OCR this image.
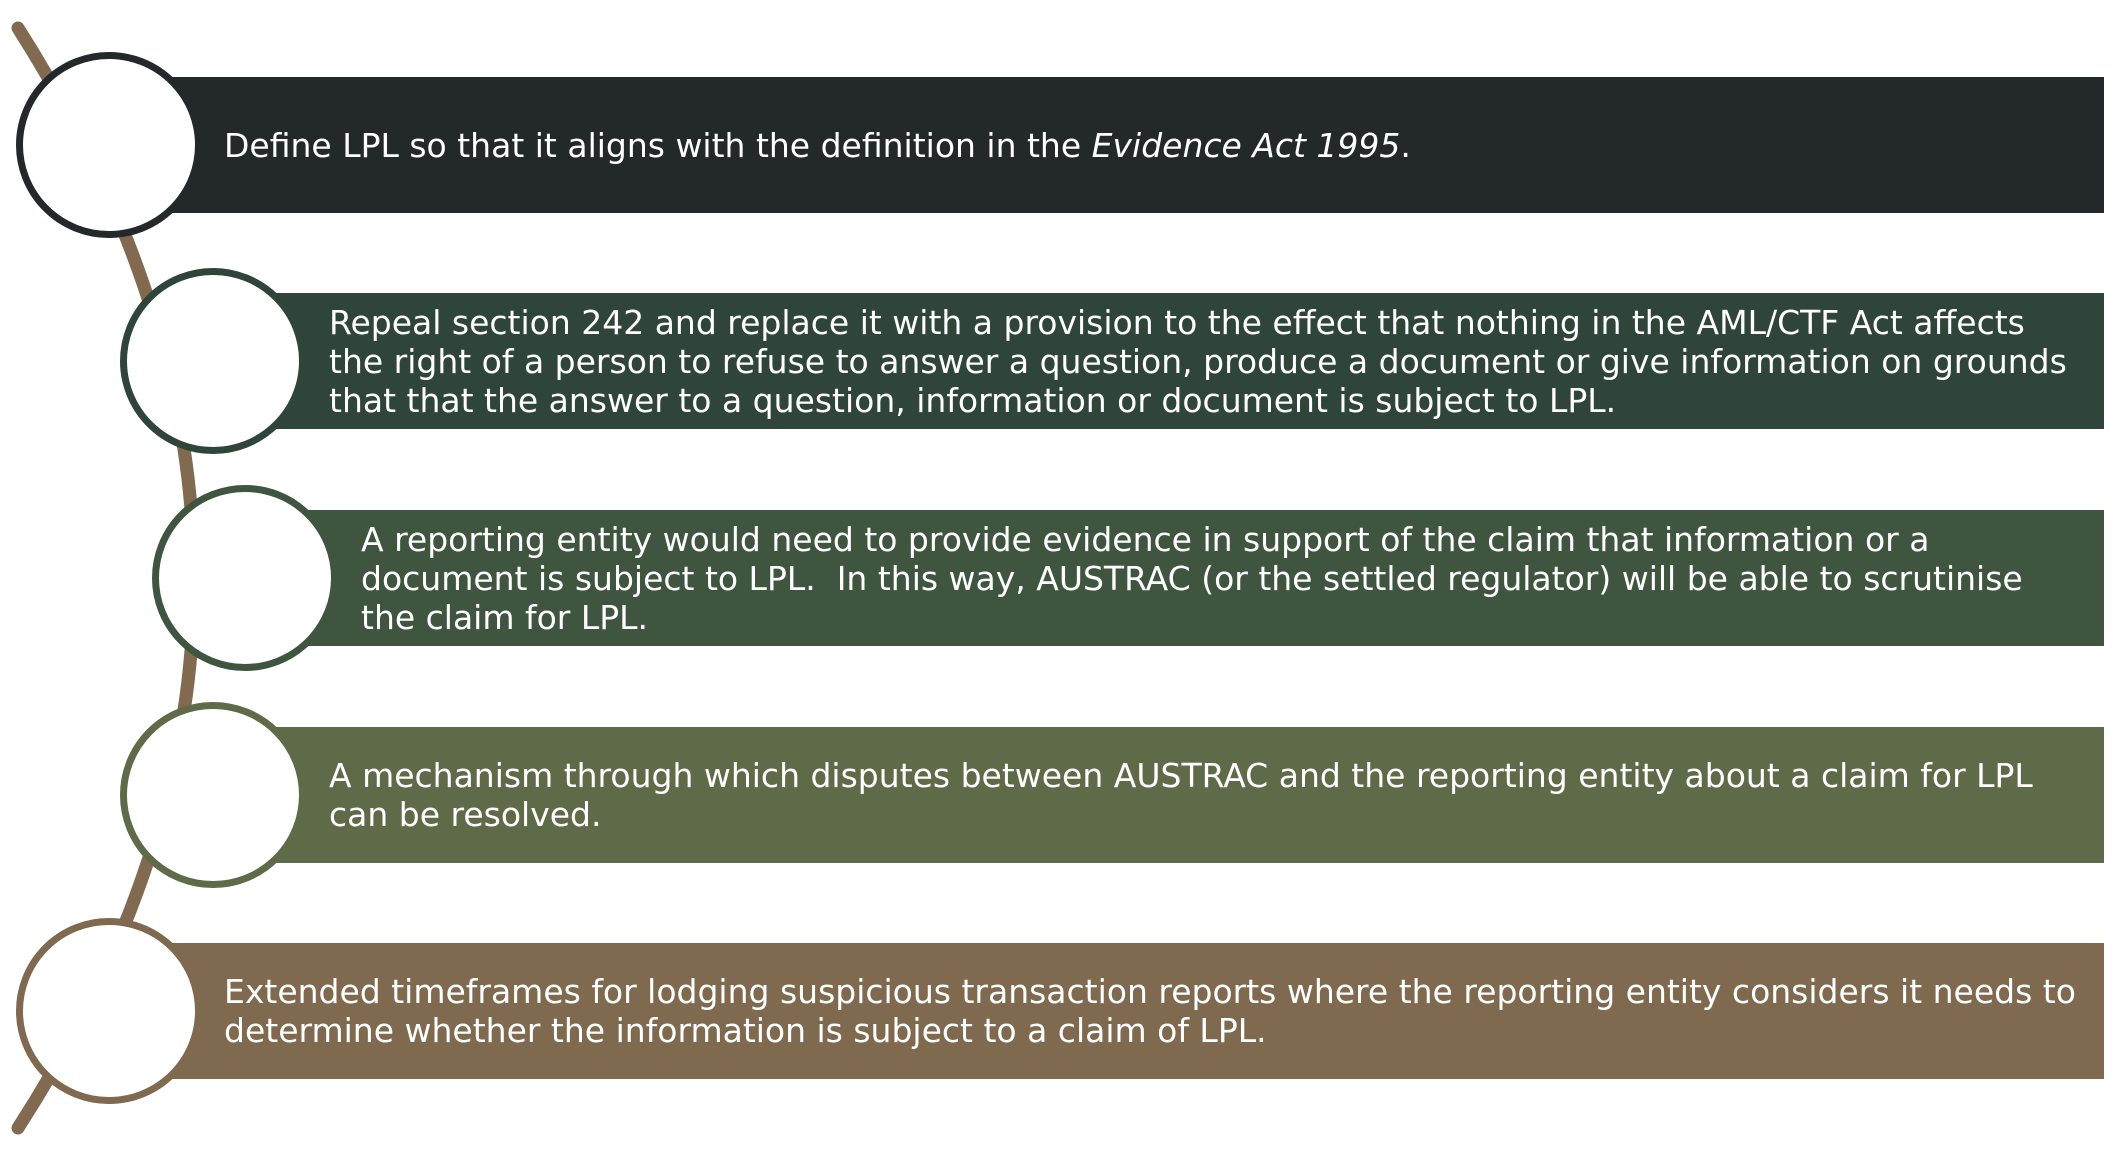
Define LPL so that it aligns with the definition in the Evidence Act 1995.
Repeal section 242 and replace it with a provision to the effect that nothing in the AML/CTF Act affects the right of a person to refuse to answer a question, produce a document or give information on grounds that that the answer to a question, information or document is subject to LPL.
A reporting entity would need to provide evidence in support of the claim that information or a document is subject to LPL.  In this way, AUSTRAC (or the settled regulator) will be able to scrutinise the claim for LPL.
A mechanism through which disputes between AUSTRAC and the reporting entity about a claim for LPL can be resolved.
Extended timeframes for lodging suspicious transaction reports where the reporting entity considers it needs to determine whether the information is subject to a claim of LPL.
